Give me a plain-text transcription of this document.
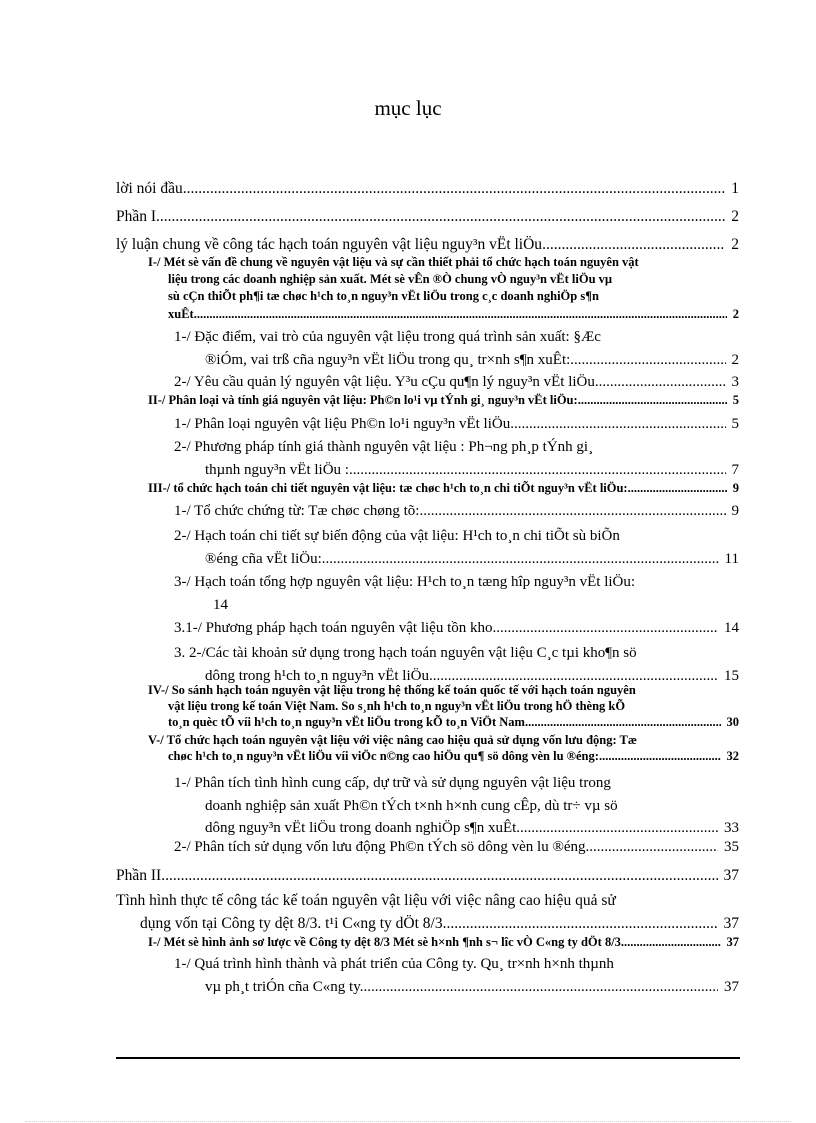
mục lục
lời nói đầu .....	1
Phần I .....	2
lý luận chung về công tác hạch toán nguyên vật liệu nguy³n vËt liÖu .....	2
I-/ Mét sè vấn đề chung về nguyên vật liệu và sự cần thiết phải tổ chức hạch toán nguyên vật
liệu trong các doanh nghiệp sản xuất. Mét sè vÊn ®Ò chung vÒ nguy³n vËt liÖu vµ
sù cÇn thiÕt ph¶i tæ chøc h¹ch to¸n nguy³n vËt liÖu trong c¸c doanh nghiÖp s¶n
xuÊt. .....	2
1-/ Đặc điểm, vai trò của nguyên vật liệu trong quá trình sản xuất: §Æc
®iÓm, vai trß cña nguy³n vËt liÖu trong qu¸ tr×nh s¶n xuÊt: .....	2
2-/ Yêu cầu quản lý nguyên vật liệu. Y³u cÇu qu¶n lý nguy³n vËt liÖu. .....	3
II-/ Phân loại và tính giá nguyên vật liệu: Ph©n lo¹i vµ tÝnh gi¸ nguy³n vËt liÖu: .....	5
1-/ Phân loại nguyên vật liệu Ph©n lo¹i nguy³n vËt liÖu .....	5
2-/ Phương pháp tính giá thành nguyên vật liệu : Ph¬ng ph¸p tÝnh gi¸
thµnh nguy³n vËt liÖu : .....	7
III-/ tổ chức hạch toán chi tiết nguyên vật liệu: tæ chøc h¹ch to¸n chi tiÕt nguy³n vËt liÖu: .....	9
1-/ Tổ chức chứng từ: Tæ chøc chøng tõ: .....	9
2-/ Hạch toán chi tiết sự biến động của vật liệu: H¹ch to¸n chi tiÕt sù biÕn
®éng cña vËt liÖu: .....	11
3-/ Hạch toán tổng hợp nguyên vật liệu: H¹ch to¸n tæng hîp nguy³n vËt liÖu:
14
3.1-/ Phương pháp hạch toán nguyên vật liệu tồn kho .....	14
3. 2-/Các tài khoản sử dụng trong hạch toán nguyên vật liệu C¸c tµi kho¶n sö
dông trong h¹ch to¸n nguy³n vËt liÖu .....	15
IV-/ So sánh hạch toán nguyên vật liệu trong hệ thống kế toán quốc tế với hạch toán nguyên
vật liệu trong kế toán Việt Nam. So s¸nh h¹ch to¸n nguy³n vËt liÖu trong hÖ thèng kÕ
to¸n quèc tÕ víi h¹ch to¸n nguy³n vËt liÖu trong kÕ to¸n ViÖt Nam. .....	30
V-/ Tổ chức hạch toán nguyên vật liệu với việc nâng cao hiệu quả sử dụng vốn lưu động: Tæ
chøc h¹ch to¸n nguy³n vËt liÖu víi viÖc n©ng cao hiÖu qu¶ sö dông vèn lu ®éng: .....	32
1-/ Phân tích tình hình cung cấp, dự trữ và sử dụng nguyên vật liệu trong
doanh nghiệp sản xuất Ph©n tÝch t×nh h×nh cung cÊp, dù tr÷ vµ sö
dông nguy³n vËt liÖu trong doanh nghiÖp s¶n xuÊt. .....	33
2-/ Phân tích sử dụng vốn lưu động Ph©n tÝch sö dông vèn lu ®éng. .....	35
Phần II .....	37
Tình hình thực tế công tác kế toán nguyên vật liệu với việc nâng cao hiệu quả sử
dụng vốn tại Công ty dệt 8/3. t¹i C«ng ty dÖt 8/3. .....	37
I-/ Mét sè hình ảnh sơ lược về Công ty dệt 8/3 Mét sè h×nh ¶nh s¬ lîc vÒ C«ng ty dÖt 8/3 .....	37
1-/ Quá trình hình thành và phát triển của Công ty. Qu¸ tr×nh h×nh thµnh
vµ ph¸t triÓn cña C«ng ty. .....	37
